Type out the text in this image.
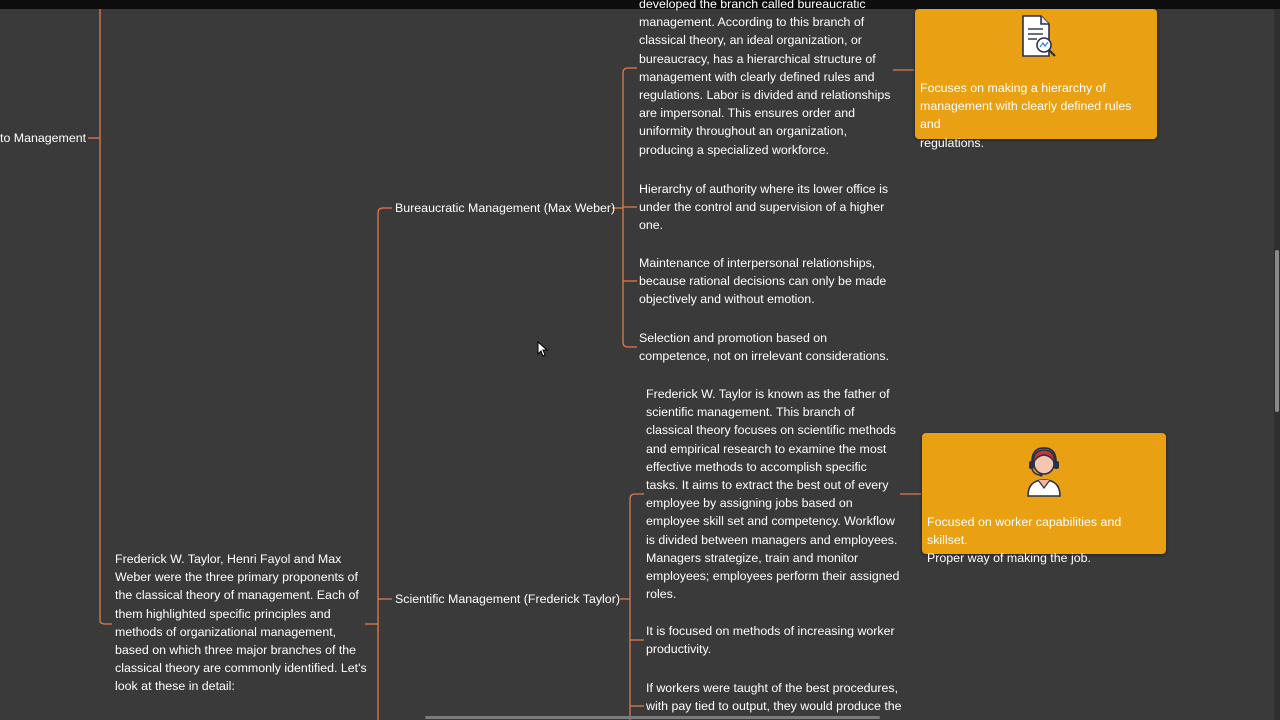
to Management
Frederick W. Taylor, Henri Fayol and Max
Weber were the three primary proponents of
the classical theory of management. Each of
them highlighted specific principles and
methods of organizational management,
based on which three major branches of the
classical theory are commonly identified. Let's
look at these in detail:
Bureaucratic Management (Max Weber)
developed the branch called bureaucratic
management. According to this branch of
classical theory, an ideal organization, or
bureaucracy, has a hierarchical structure of
management with clearly defined rules and
regulations. Labor is divided and relationships
are impersonal. This ensures order and
uniformity throughout an organization,
producing a specialized workforce.
Hierarchy of authority where its lower office is
under the control and supervision of a higher
one.
Maintenance of interpersonal relationships,
because rational decisions can only be made
objectively and without emotion.
Selection and promotion based on
competence, not on irrelevant considerations.
Focuses on making a hierarchy of
management with clearly defined rules and
regulations.
Scientific Management (Frederick Taylor)
Frederick W. Taylor is known as the father of
scientific management. This branch of
classical theory focuses on scientific methods
and empirical research to examine the most
effective methods to accomplish specific
tasks. It aims to extract the best out of every
employee by assigning jobs based on
employee skill set and competency. Workflow
is divided between managers and employees.
Managers strategize, train and monitor
employees; employees perform their assigned
roles.
It is focused on methods of increasing worker
productivity.
If workers were taught of the best procedures,
with pay tied to output, they would produce the
Focused on worker capabilities and skillset.
Proper way of making the job.
